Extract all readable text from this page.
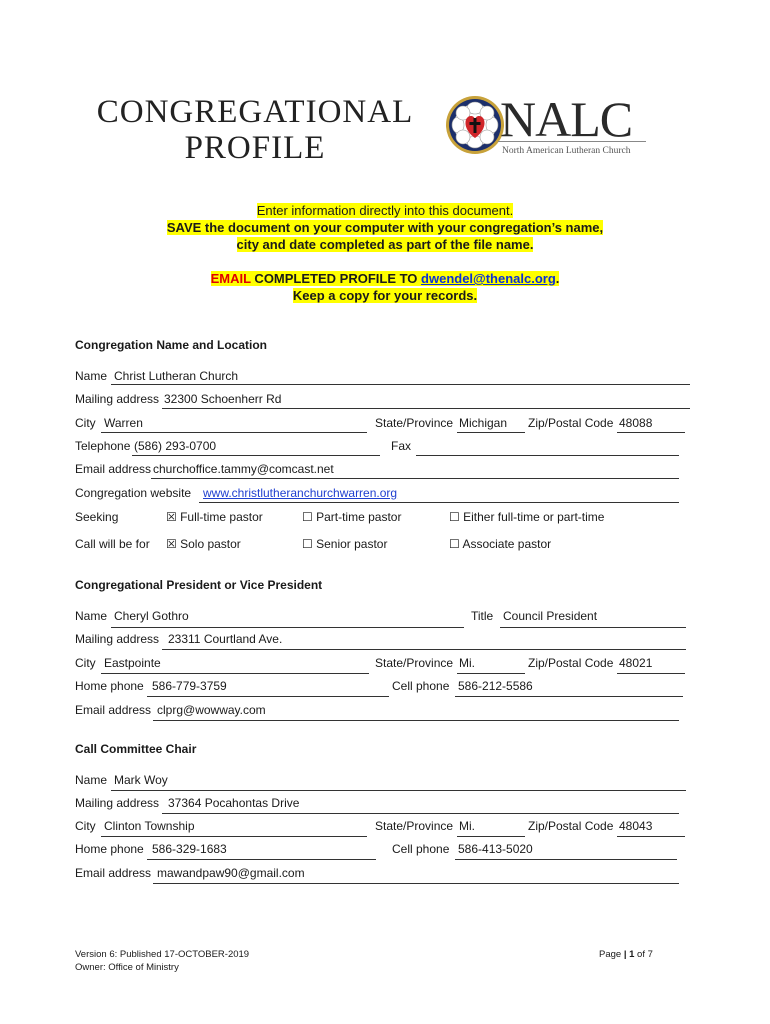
CONGREGATIONAL
PROFILE
NALC
North American Lutheran Church
Enter information directly into this document.
SAVE the document on your computer with your congregation’s name,
city and date completed as part of the file name.
EMAIL COMPLETED PROFILE TO dwendel@thenalc.org.
Keep a copy for your records.
Congregation Name and Location
Name Christ Lutheran Church
Mailing address 32300 Schoenherr Rd
City Warren	State/Province Michigan Zip/Postal Code 48088
Telephone (586) 293-0700	Fax
Email address churchoffice.tammy@comcast.net
Congregation website www.christlutheranchurchwarren.org
Seeking	☒ Full-time pastor	☐ Part-time pastor	☐ Either full-time or part-time
Call will be for ☒ Solo pastor	☐ Senior pastor	☐ Associate pastor
Congregational President or Vice President
Name Cheryl Gothro	Title Council President
Mailing address 23311 Courtland Ave.
City Eastpointe	State/Province Mi.	Zip/Postal Code 48021
Home phone 586-779-3759	Cell phone 586-212-5586
Email address clprg@wowway.com
Call Committee Chair
Name Mark Woy
Mailing address 37364 Pocahontas Drive
City Clinton Township	State/Province Mi.	Zip/Postal Code 48043
Home phone 586-329-1683	Cell phone 586-413-5020
Email address mawandpaw90@gmail.com
Version 6: Published 17-OCTOBER-2019
Owner: Office of Ministry
Page | 1 of 7
